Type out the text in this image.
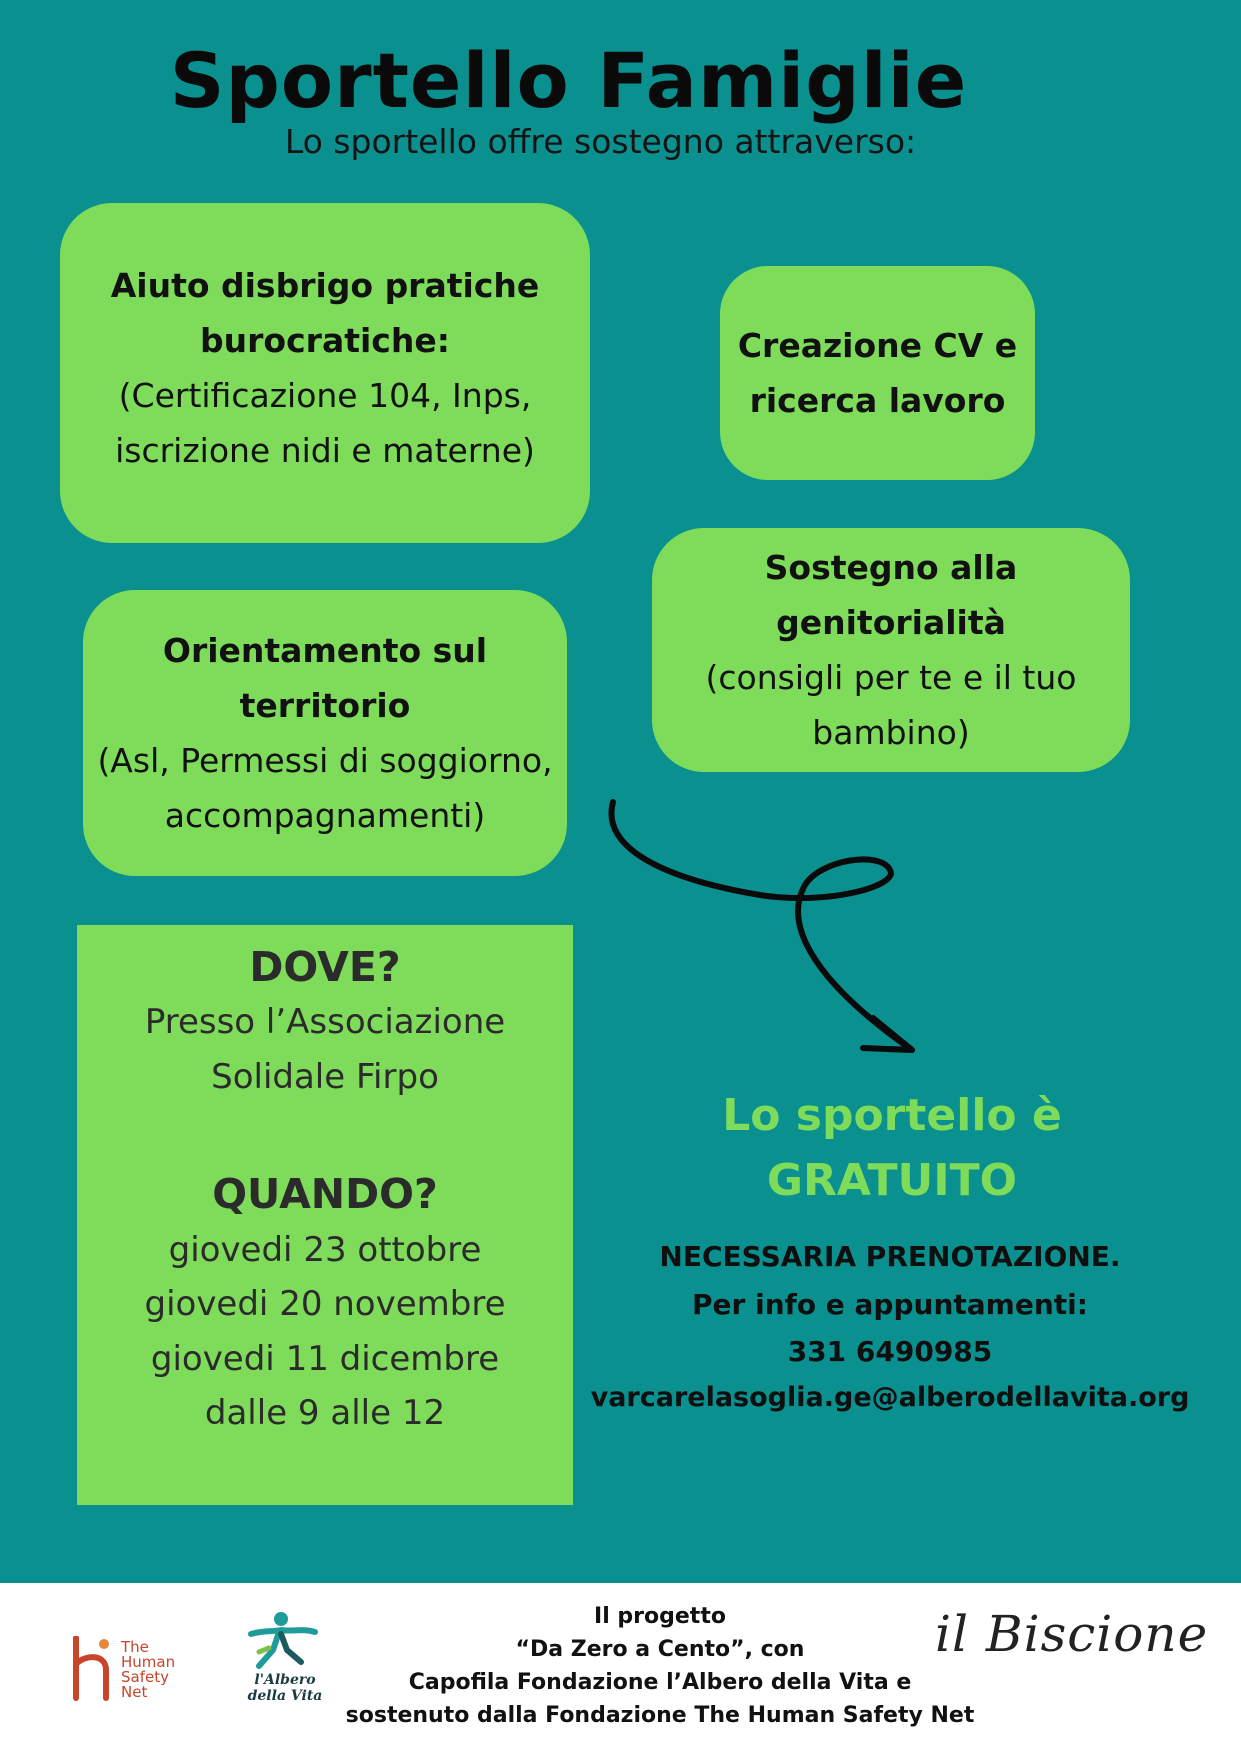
Sportello Famiglie
Lo sportello offre sostegno attraverso:
Aiuto disbrigo pratiche
burocratiche:
(Certificazione 104, Inps,
iscrizione nidi e materne)
Creazione CV e
ricerca lavoro
Sostegno alla
genitorialità
(consigli per te e il tuo
bambino)
Orientamento sul
territorio
(Asl, Permessi di soggiorno,
accompagnamenti)
DOVE?
Presso l’Associazione
Solidale Firpo
QUANDO?
giovedi 23 ottobre
giovedi 20 novembre
giovedi 11 dicembre
dalle 9 alle 12
Lo sportello è
GRATUITO
NECESSARIA PRENOTAZIONE.
Per info e appuntamenti:
331 6490985
varcarelasoglia.ge@alberodellavita.org
The
Human
Safety
Net
l'Albero
della Vita
Il progetto
“Da Zero a Cento”, con
Capofila Fondazione l’Albero della Vita e
sostenuto dalla Fondazione The Human Safety Net
il Biscione
